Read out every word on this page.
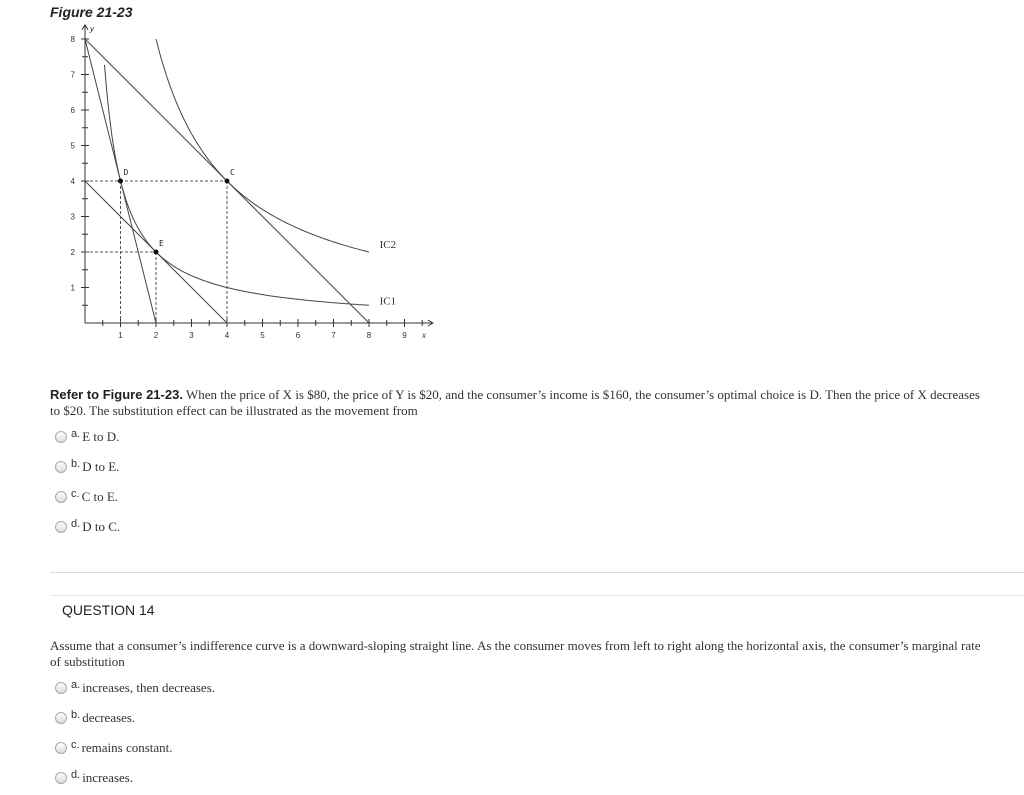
Figure 21-23
8
7
6
5
4
3
2
1
1	2	3	4	5	6	7	8	9 x
y
D
E
C
IC2
IC1
Refer to Figure 21-23. When the price of X is $80, the price of Y is $20, and the consumer’s income is $160, the consumer’s optimal choice is D. Then the price of X decreases to $20. The substitution effect can be illustrated as the movement from
a. E to D.
b. D to E.
c. C to E.
d. D to C.
QUESTION 14
Assume that a consumer’s indifference curve is a downward-sloping straight line. As the consumer moves from left to right along the horizontal axis, the consumer’s marginal rate of substitution
a. increases, then decreases.
b. decreases.
c. remains constant.
d. increases.
